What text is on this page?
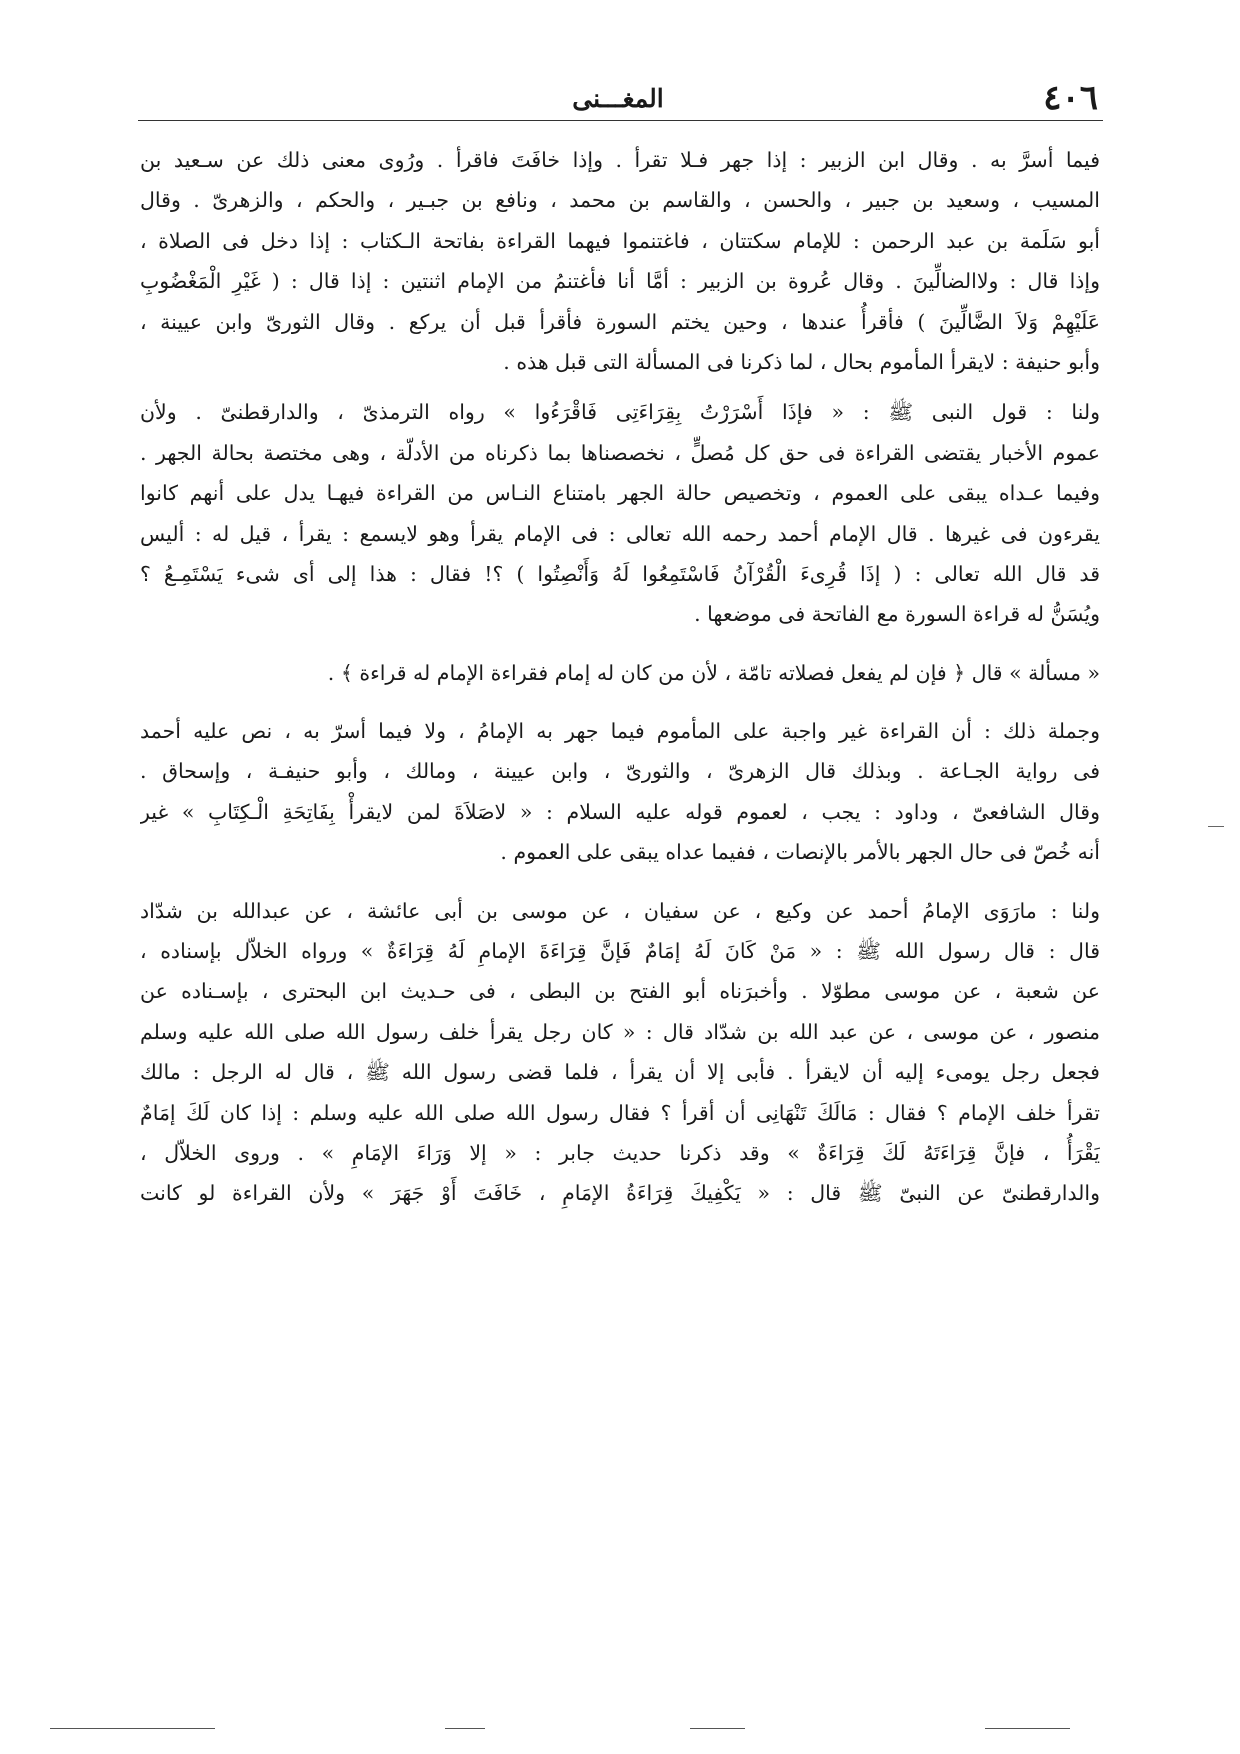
٤٠٦
المغـــنى
فيما أسرَّ به . وقال ابن الزبير : إذا جهر فـلا تقرأ . وإذا خافَتَ فاقرأ . ورُوى معنى ذلك عن سـعيد بن
المسيب ، وسعيد بن جبير ، والحسن ، والقاسم بن محمد ، ونافع بن جبـير ، والحكم ، والزهرىّ . وقال
أبو سَلَمة بن عبد الرحمن : للإمام سكتتان ، فاغتنموا فيهما القراءة بفاتحة الـكتاب : إذا دخل فى الصلاة ،
وإذا قال : ولاالضالِّينَ . وقال عُروة بن الزبير : أمَّا أنا فأغتنمُ من الإمام اثنتين : إذا قال : ( غَيْرِ الْمَغْضُوبِ
عَلَيْهِمْ وَلاَ الضَّالِّينَ ) فأقرأُ عندها ، وحين يختم السورة فأقرأ قبل أن يركع . وقال الثورىّ وابن عيينة ،
وأبو حنيفة : لايقرأ المأموم بحال ، لما ذكرنا فى المسألة التى قبل هذه .
ولنا : قول النبى ﷺ : « فإذَا أَسْرَرْتُ بِقِرَاءَتِى فَاقْرَءُوا » رواه الترمذىّ ، والدارقطنىّ . ولأن
عموم الأخبار يقتضى القراءة فى حق كل مُصلٍّ ، نخصصناها بما ذكرناه من الأدلّة ، وهى مختصة بحالة الجهر .
وفيما عـداه يبقى على العموم ، وتخصيص حالة الجهر بامتناع النـاس من القراءة فيهـا يدل على أنهم كانوا
يقرءون فى غيرها . قال الإمام أحمد رحمه الله تعالى : فى الإمام يقرأ وهو لايسمع : يقرأ ، قيل له : أليس
قد قال الله تعالى : ( إذَا قُرِىءَ الْقُرْآنُ فَاسْتَمِعُوا لَهُ وَأَنْصِتُوا ) ؟! فقال : هذا إلى أى شىء يَسْتَمِـعُ ؟
ويُسَنُّ له قراءة السورة مع الفاتحة فى موضعها .
« مسألة » قال ﴿ فإن لم يفعل فصلاته تامّة ، لأن من كان له إمام فقراءة الإمام له قراءة ﴾ .
وجملة ذلك : أن القراءة غير واجبة على المأموم فيما جهر به الإمامُ ، ولا فيما أسرّ به ، نص عليه أحمد
فى رواية الجـاعة . وبذلك قال الزهرىّ ، والثورىّ ، وابن عيينة ، ومالك ، وأبو حنيفـة ، وإسحاق .
وقال الشافعىّ ، وداود : يجب ، لعموم قوله عليه السلام : « لاصَلاَةَ لمن لايقرأْ بِفَاتِحَةِ الْـكِتَابِ » غير
أنه خُصّ فى حال الجهر بالأمر بالإنصات ، ففيما عداه يبقى على العموم .
ولنا : مارَوَى الإمامُ أحمد عن وكيع ، عن سفيان ، عن موسى بن أبى عائشة ، عن عبدالله بن شدّاد
قال : قال رسول الله ﷺ : « مَنْ كَانَ لَهُ إمَامٌ فَإنَّ قِرَاءَةَ الإمامِ لَهُ قِرَاءَةٌ » ورواه الخلاّل بإسناده ،
عن شعبة ، عن موسى مطوّلا . وأخبرَناه أبو الفتح بن البطى ، فى حـديث ابن البحترى ، بإسـناده عن
منصور ، عن موسى ، عن عبد الله بن شدّاد قال : « كان رجل يقرأ خلف رسول الله صلى الله عليه وسلم
فجعل رجل يومىء إليه أن لايقرأ . فأبى إلا أن يقرأ ، فلما قضى رسول الله ﷺ ، قال له الرجل : مالك
تقرأ خلف الإمام ؟ فقال : مَالَكَ تَنْهَانِى أن أقرأ ؟ فقال رسول الله صلى الله عليه وسلم : إذا كان لَكَ إمَامٌ
يَقْرَأُ ، فإنَّ قِرَاءَتَهُ لَكَ قِرَاءَةٌ » وقد ذكرنا حديث جابر : « إلا وَرَاءَ الإمَامِ » . وروى الخلاّل ،
والدارقطنىّ عن النبىّ ﷺ قال : « يَكْفِيكَ قِرَاءَةُ الإمَامِ ، خَافَتَ أَوْ جَهَرَ » ولأن القراءة لو كانت
